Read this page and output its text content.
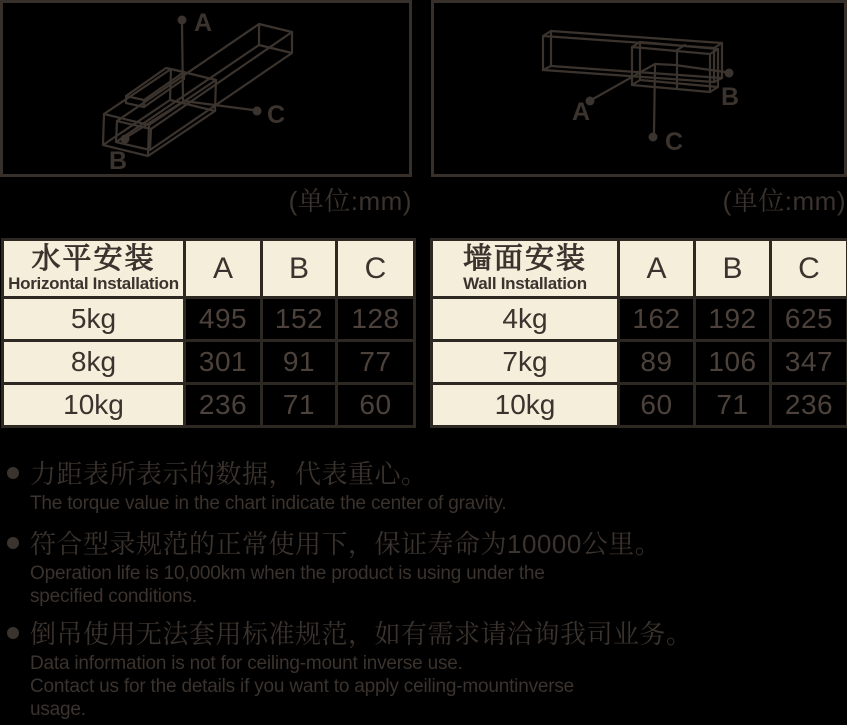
A
B
C	A
B
C
(单位:mm)	(单位:mm)
水平安装
Horizontal Installation	A	B	C
5kg	495	152	128
8kg	301	91	77
10kg	236	71	60
墙面安装
Wall Installation	A	B	C
4kg	162	192	625
7kg	89	106	347
10kg	60	71	236
力距表所表示的数据，代表重心。
The torque value in the chart indicate the center of gravity.
符合型录规范的正常使用下，保证寿命为10000公里。
Operation life is 10,000km when the product is using under the
specified conditions.
倒吊使用无法套用标准规范，如有需求请洽询我司业务。
Data information is not for ceiling-mount inverse use.
Contact us for the details if you want to apply ceiling-mountinverse
usage.
